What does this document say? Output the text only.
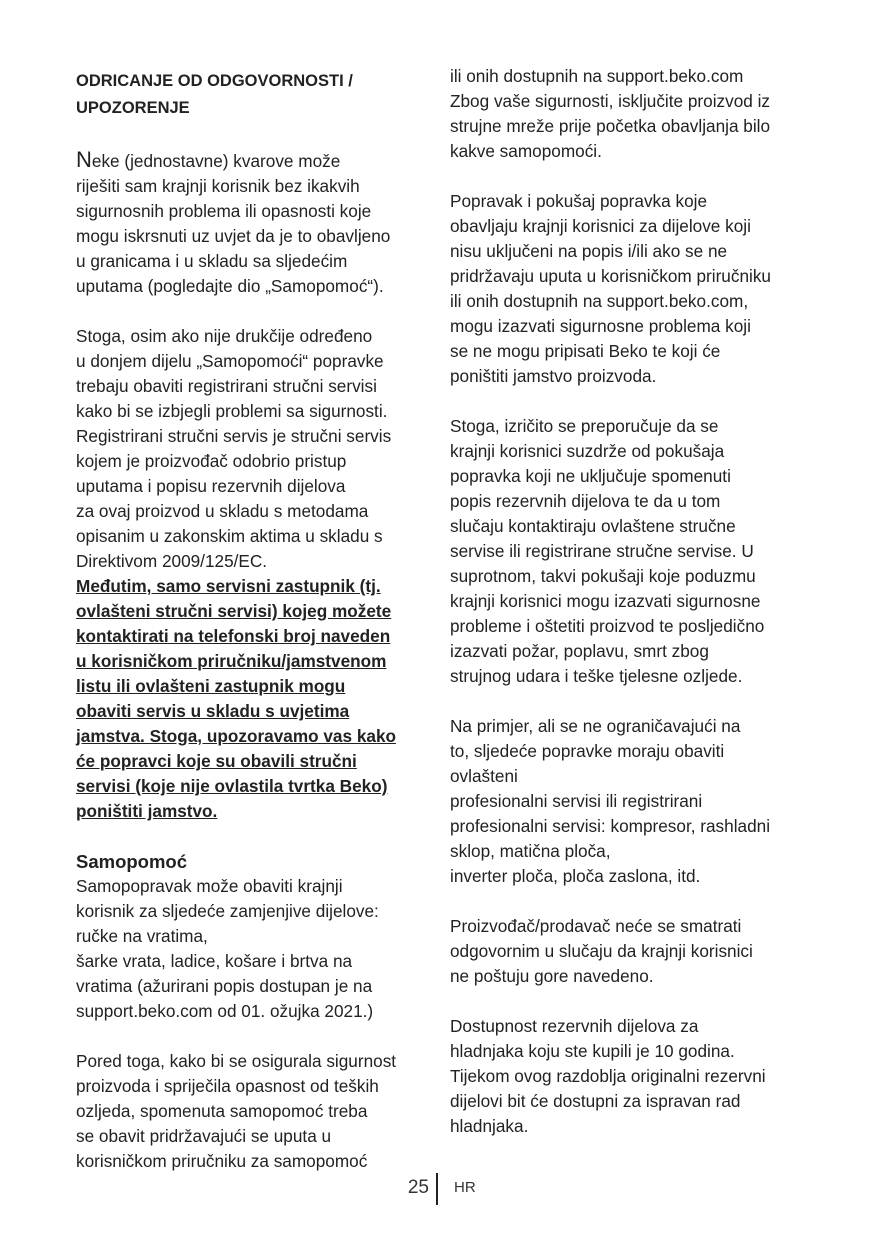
ODRICANJE OD ODGOVORNOSTI /
UPOZORENJE
Neke (jednostavne) kvarove može
riješiti sam krajnji korisnik bez ikakvih
sigurnosnih problema ili opasnosti koje
mogu iskrsnuti uz uvjet da je to obavljeno
u granicama i u skladu sa sljedećim
uputama (pogledajte dio „Samopomoć“).
Stoga, osim ako nije drukčije određeno
u donjem dijelu „Samopomoći“ popravke
trebaju obaviti registrirani stručni servisi
kako bi se izbjegli problemi sa sigurnosti.
Registrirani stručni servis je stručni servis
kojem je proizvođač odobrio pristup
uputama i popisu rezervnih dijelova
za ovaj proizvod u skladu s metodama
opisanim u zakonskim aktima u skladu s
Direktivom 2009/125/EC.
Međutim, samo servisni zastupnik (tj.
ovlašteni stručni servisi) kojeg možete
kontaktirati na telefonski broj naveden
u korisničkom priručniku/jamstvenom
listu ili ovlašteni zastupnik mogu
obaviti servis u skladu s uvjetima
jamstva. Stoga, upozoravamo vas kako
će popravci koje su obavili stručni
servisi (koje nije ovlastila tvrtka Beko)
poništiti jamstvo.
Samopomoć
Samopopravak može obaviti krajnji
korisnik za sljedeće zamjenjive dijelove:
ručke na vratima,
šarke vrata, ladice, košare i brtva na
vratima (ažurirani popis dostupan je na
support.beko.com od 01. ožujka 2021.)
Pored toga, kako bi se osigurala sigurnost
proizvoda i spriječila opasnost od teških
ozljeda, spomenuta samopomoć treba
se obavit pridržavajući se uputa u
korisničkom priručniku za samopomoć
ili onih dostupnih na support.beko.com
Zbog vaše sigurnosti, isključite proizvod iz
strujne mreže prije početka obavljanja bilo
kakve samopomoći.
Popravak i pokušaj popravka koje
obavljaju krajnji korisnici za dijelove koji
nisu uključeni na popis i/ili ako se ne
pridržavaju uputa u korisničkom priručniku
ili onih dostupnih na support.beko.com,
mogu izazvati sigurnosne problema koji
se ne mogu pripisati Beko te koji će
poništiti jamstvo proizvoda.
Stoga, izričito se preporučuje da se
krajnji korisnici suzdrže od pokušaja
popravka koji ne uključuje spomenuti
popis rezervnih dijelova te da u tom
slučaju kontaktiraju ovlaštene stručne
servise ili registrirane stručne servise. U
suprotnom, takvi pokušaji koje poduzmu
krajnji korisnici mogu izazvati sigurnosne
probleme i oštetiti proizvod te posljedično
izazvati požar, poplavu, smrt zbog
strujnog udara i teške tjelesne ozljede.
Na primjer, ali se ne ograničavajući na
to, sljedeće popravke moraju obaviti
ovlašteni
profesionalni servisi ili registrirani
profesionalni servisi: kompresor, rashladni
sklop, matična ploča,
inverter ploča, ploča zaslona, itd.
Proizvođač/prodavač neće se smatrati
odgovornim u slučaju da krajnji korisnici
ne poštuju gore navedeno.
Dostupnost rezervnih dijelova za
hladnjaka koju ste kupili je 10 godina.
Tijekom ovog razdoblja originalni rezervni
dijelovi bit će dostupni za ispravan rad
hladnjaka.
25 HR
